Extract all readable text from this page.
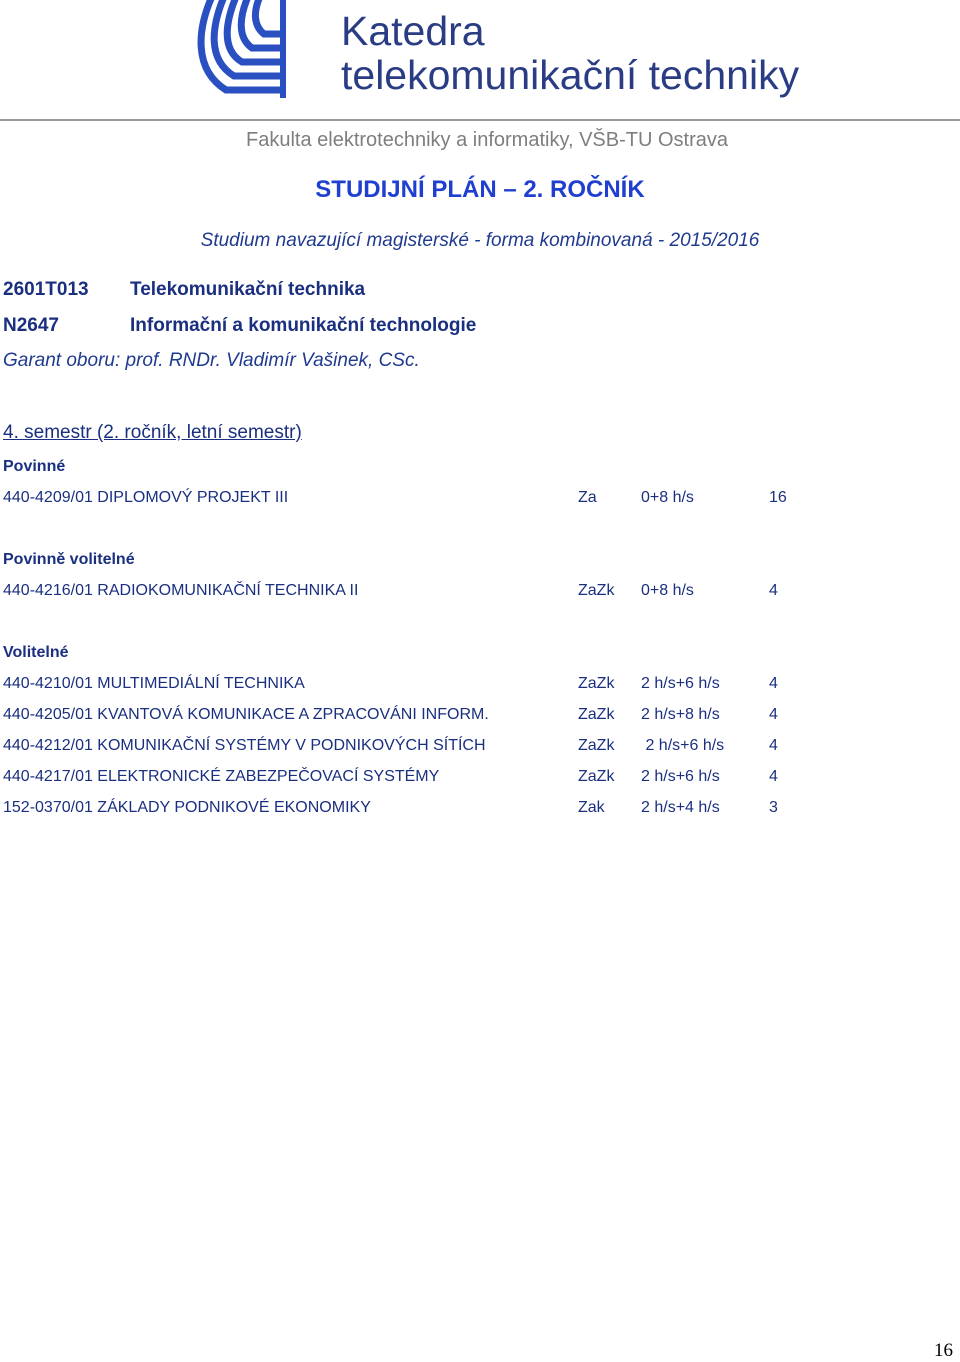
Katedra
telekomunikační techniky
Fakulta elektrotechniky a informatiky, VŠB-TU Ostrava
STUDIJNÍ PLÁN – 2. ROČNÍK
Studium navazující magisterské - forma kombinovaná - 2015/2016
2601T013 Telekomunikační technika
N2647	Informační a komunikační technologie
Garant oboru: prof. RNDr. Vladimír Vašinek, CSc.
4. semestr (2. ročník, letní semestr)
Povinné
440-4209/01 DIPLOMOVÝ PROJEKT III	Za	0+8 h/s	16
Povinně volitelné
440-4216/01 RADIOKOMUNIKAČNÍ TECHNIKA II	ZaZk 0+8 h/s	4
Volitelné
440-4210/01 MULTIMEDIÁLNÍ TECHNIKA	ZaZk 2 h/s+6 h/s	4
440-4205/01 KVANTOVÁ KOMUNIKACE A ZPRACOVÁNI INFORM.	ZaZk 2 h/s+8 h/s	4
440-4212/01 KOMUNIKAČNÍ SYSTÉMY V PODNIKOVÝCH SÍTÍCH	ZaZk 2 h/s+6 h/s	4
440-4217/01 ELEKTRONICKÉ ZABEZPEČOVACÍ SYSTÉMY	ZaZk 2 h/s+6 h/s	4
152-0370/01 ZÁKLADY PODNIKOVÉ EKONOMIKY	Zak 2 h/s+4 h/s	3
16
